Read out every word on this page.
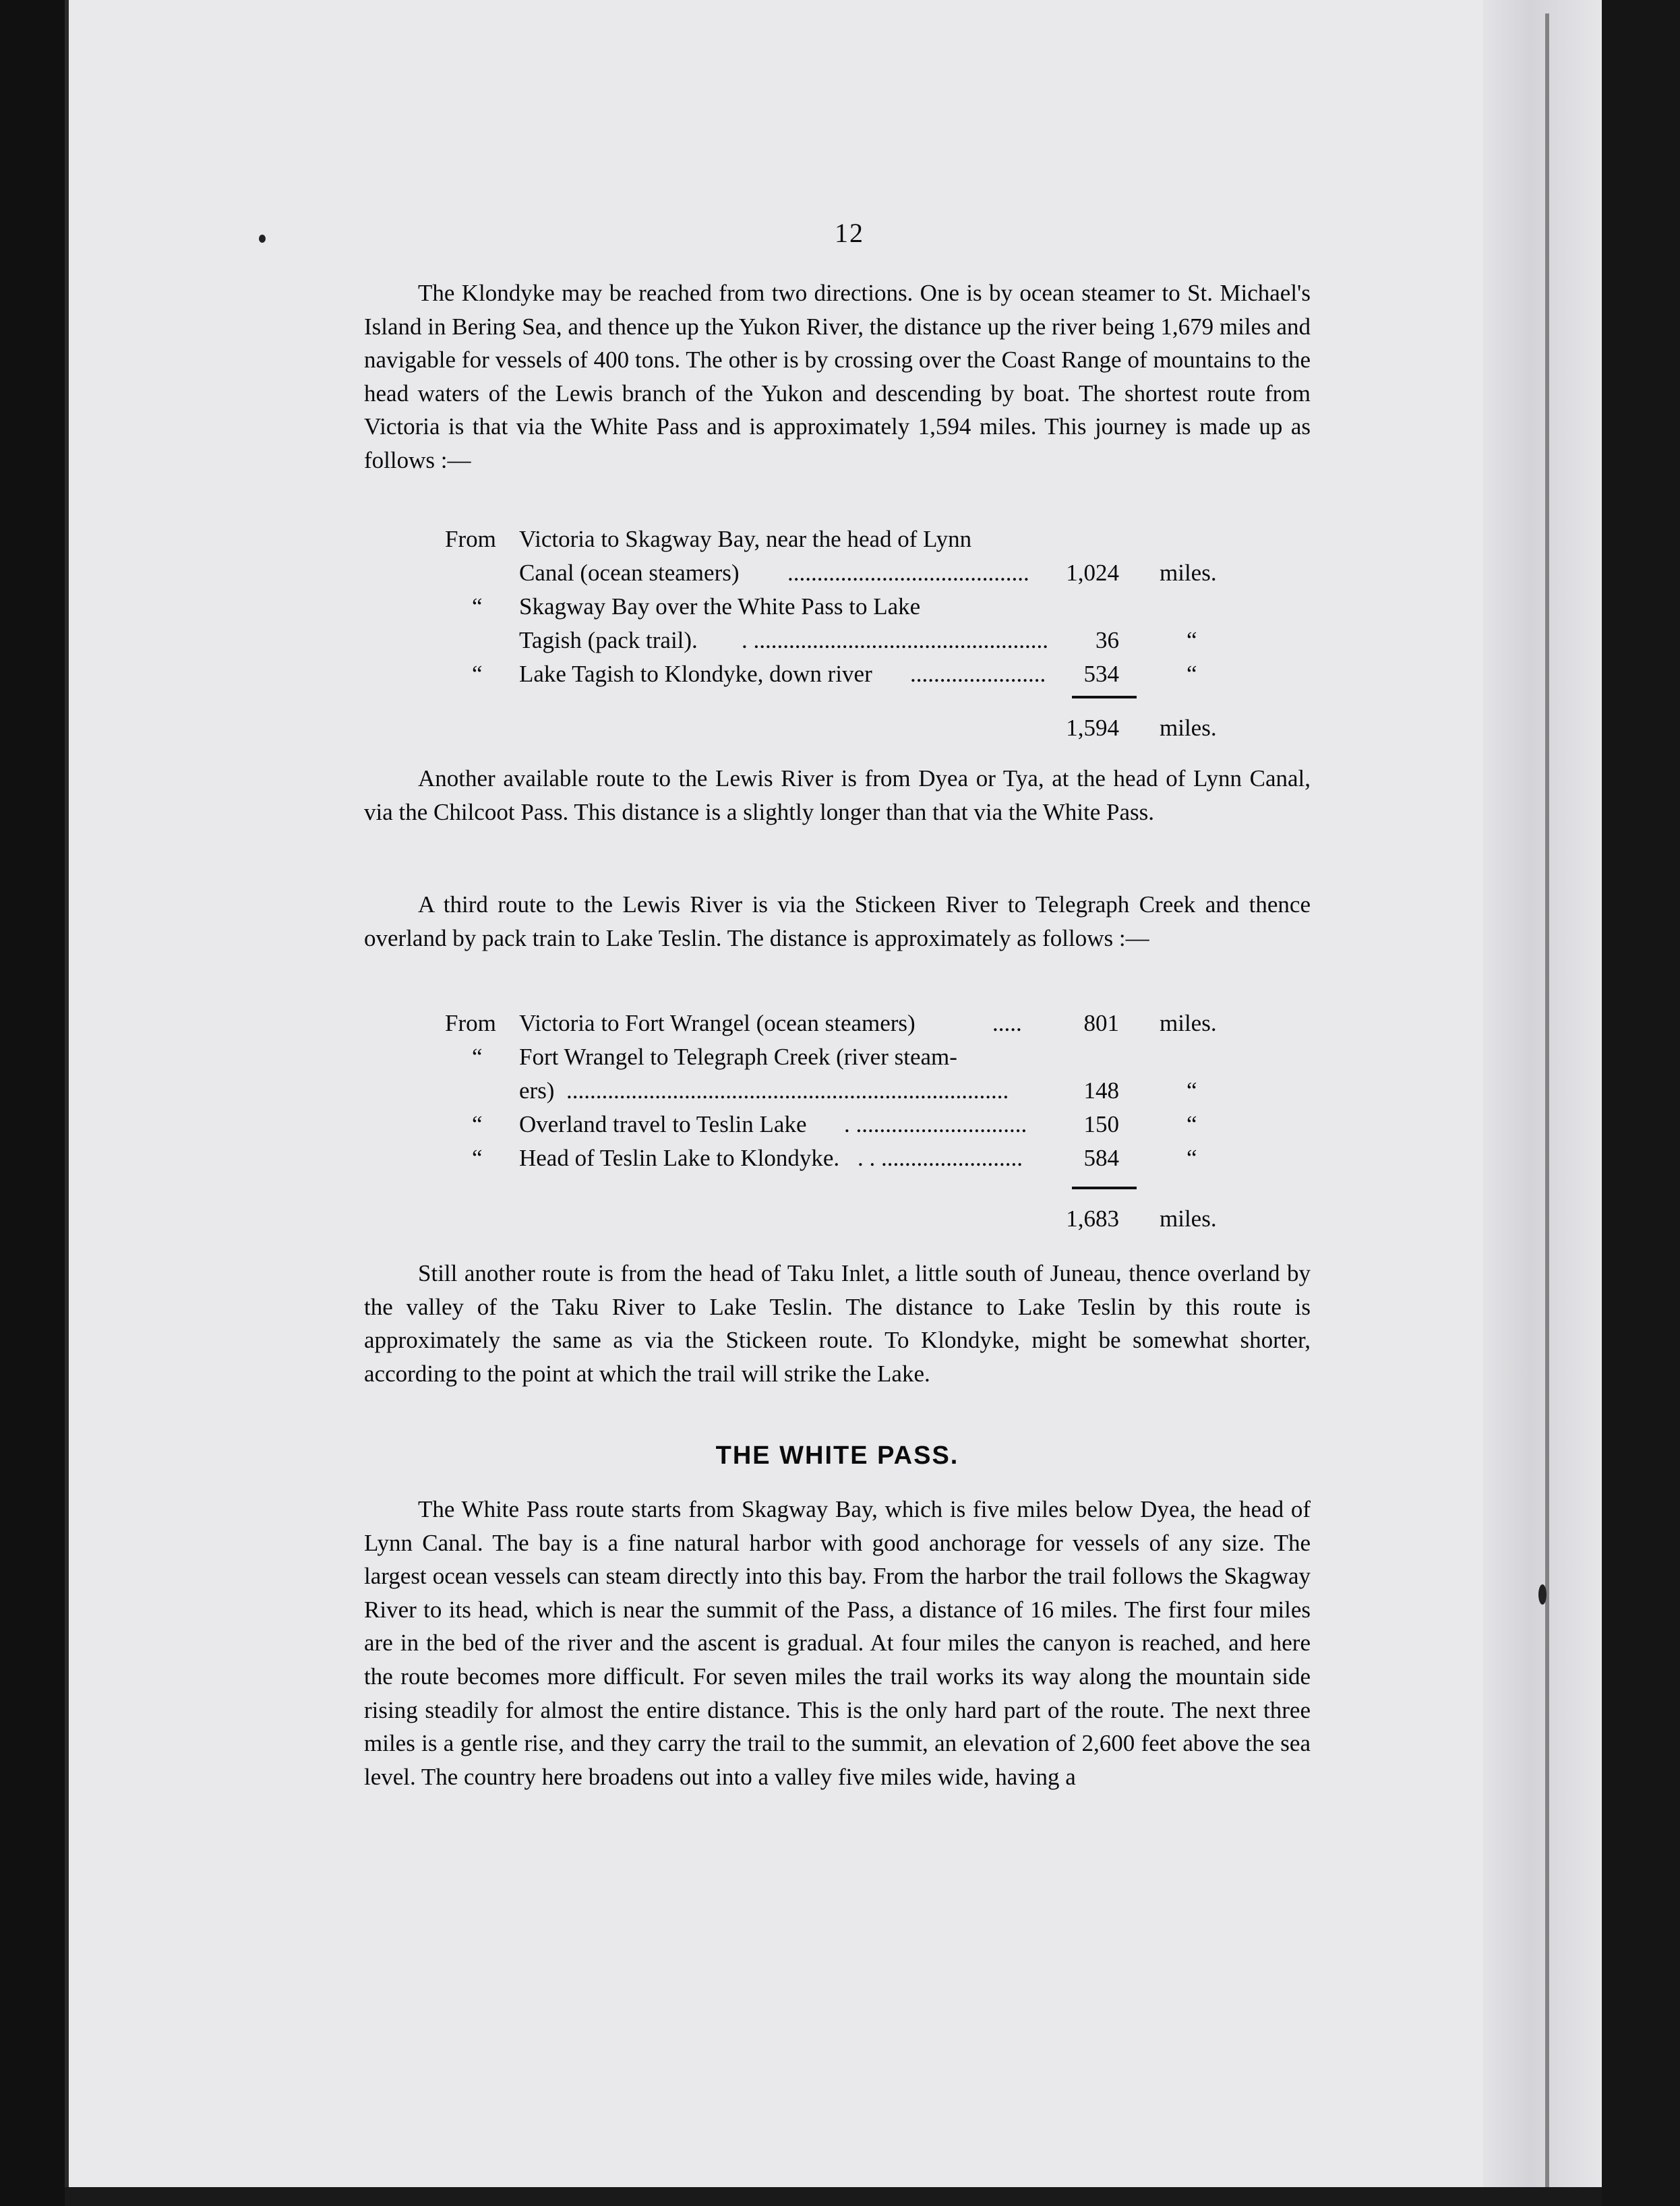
12

The Klondyke may be reached from two directions. One is by ocean steamer to St. Michael's Island in Bering Sea, and thence up the Yukon River, the distance up the river being 1,679 miles and navigable for vessels of 400 tons. The other is by crossing over the Coast Range of mountains to the head waters of the Lewis branch of the Yukon and descending by boat. The shortest route from Victoria is that via the White Pass and is approximately 1,594 miles. This journey is made up as follows :—

From Victoria to Skagway Bay, near the head of Lynn
Canal (ocean steamers) .........................................	1,024 miles.
“ Skagway Bay over the White Pass to Lake
Tagish (pack trail). . ..................................................	36	“
“ Lake Tagish to Klondyke, down river .......................	534	“
1,594 miles.

Another available route to the Lewis River is from Dyea or Tya, at the head of Lynn Canal, via the Chilcoot Pass. This distance is a slightly longer than that via the White Pass.

A third route to the Lewis River is via the Stickeen River to Telegraph Creek and thence overland by pack train to Lake Teslin. The distance is approximately as follows :—

From Victoria to Fort Wrangel (ocean steamers)	.....	801 miles.
“ Fort Wrangel to Telegraph Creek (river steam-
ers) ...........................................................................	148	“
“ Overland travel to Teslin Lake . .............................	150	“
“ Head of Teslin Lake to Klondyke. . . ........................	584	“
1,683 miles.

Still another route is from the head of Taku Inlet, a little south of Juneau, thence overland by the valley of the Taku River to Lake Teslin. The distance to Lake Teslin by this route is approximately the same as via the Stickeen route. To Klondyke, might be somewhat shorter, according to the point at which the trail will strike the Lake.

THE WHITE PASS.

The White Pass route starts from Skagway Bay, which is five miles below Dyea, the head of Lynn Canal. The bay is a fine natural harbor with good anchorage for vessels of any size. The largest ocean vessels can steam directly into this bay. From the harbor the trail follows the Skagway River to its head, which is near the summit of the Pass, a distance of 16 miles. The first four miles are in the bed of the river and the ascent is gradual. At four miles the canyon is reached, and here the route becomes more difficult. For seven miles the trail works its way along the mountain side rising steadily for almost the entire distance. This is the only hard part of the route. The next three miles is a gentle rise, and they carry the trail to the summit, an elevation of 2,600 feet above the sea level. The country here broadens out into a valley five miles wide, having a
